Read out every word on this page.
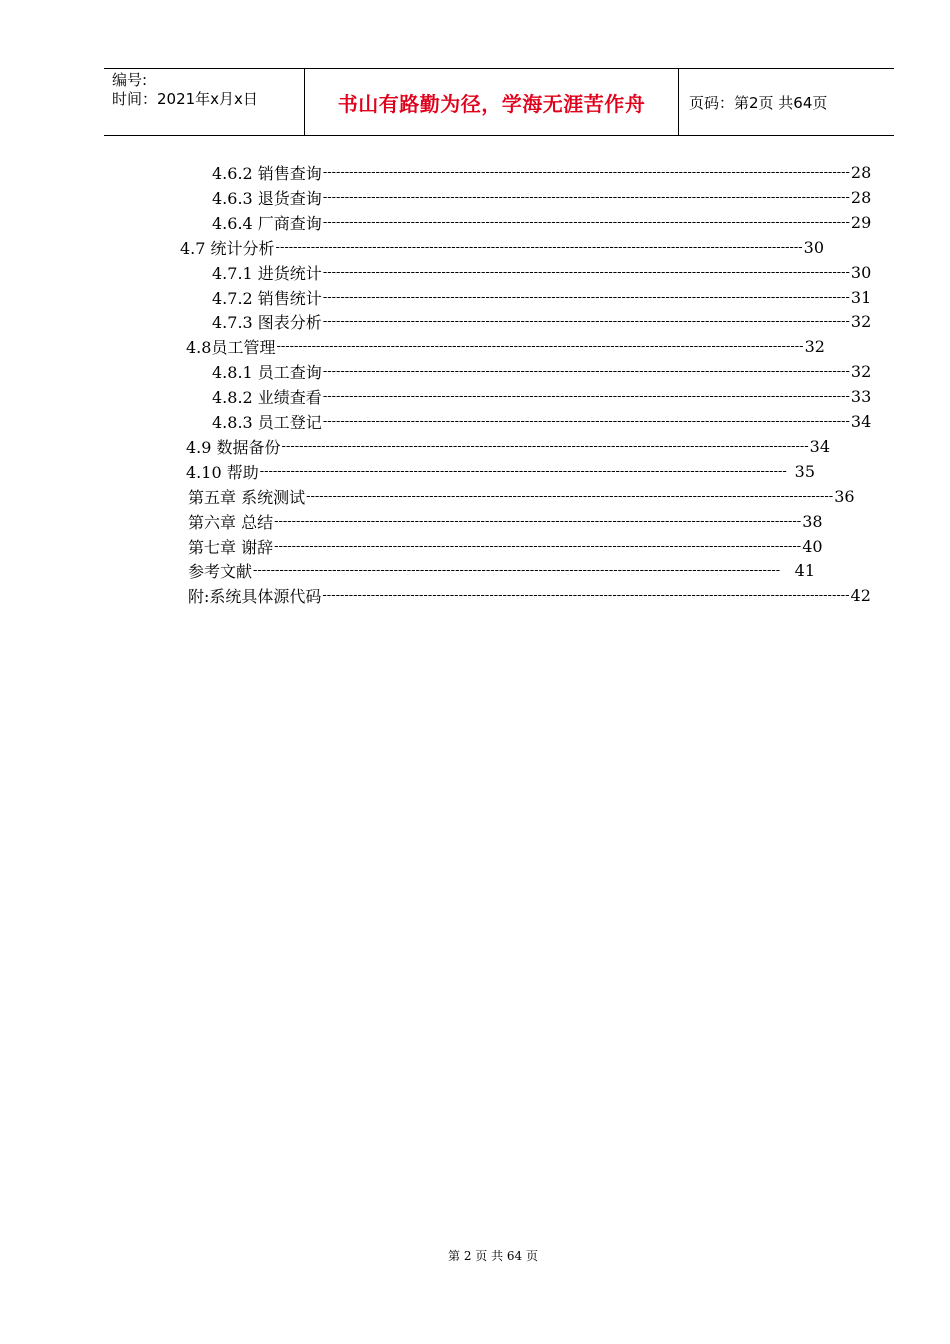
编号:
时间：2021年x月x日	书山有路勤为径，学海无涯苦作舟	页码：第2页 共64页
4.6.2 销售查询 ------------------------------------------------------------------------------------------------------------------------ 28
4.6.3 退货查询 ------------------------------------------------------------------------------------------------------------------------ 28
4.6.4 厂商查询 ------------------------------------------------------------------------------------------------------------------------ 29
4.7 统计分析 ------------------------------------------------------------------------------------------------------------------------ 30
4.7.1 进货统计 ------------------------------------------------------------------------------------------------------------------------ 30
4.7.2 销售统计 ------------------------------------------------------------------------------------------------------------------------ 31
4.7.3 图表分析 ------------------------------------------------------------------------------------------------------------------------ 32
4.8员工管理 ------------------------------------------------------------------------------------------------------------------------ 32
4.8.1 员工查询 ------------------------------------------------------------------------------------------------------------------------ 32
4.8.2 业绩查看 ------------------------------------------------------------------------------------------------------------------------ 33
4.8.3 员工登记 ------------------------------------------------------------------------------------------------------------------------ 34
4.9 数据备份 ------------------------------------------------------------------------------------------------------------------------ 34
4.10 帮助 ------------------------------------------------------------------------------------------------------------------------ 35
第五章 系统测试 ------------------------------------------------------------------------------------------------------------------------ 36
第六章 总结 ------------------------------------------------------------------------------------------------------------------------ 38
第七章 谢辞 ------------------------------------------------------------------------------------------------------------------------ 40
参考文献 ------------------------------------------------------------------------------------------------------------------------ 41
附:系统具体源代码 ------------------------------------------------------------------------------------------------------------------------ 42
第 2 页 共 64 页
